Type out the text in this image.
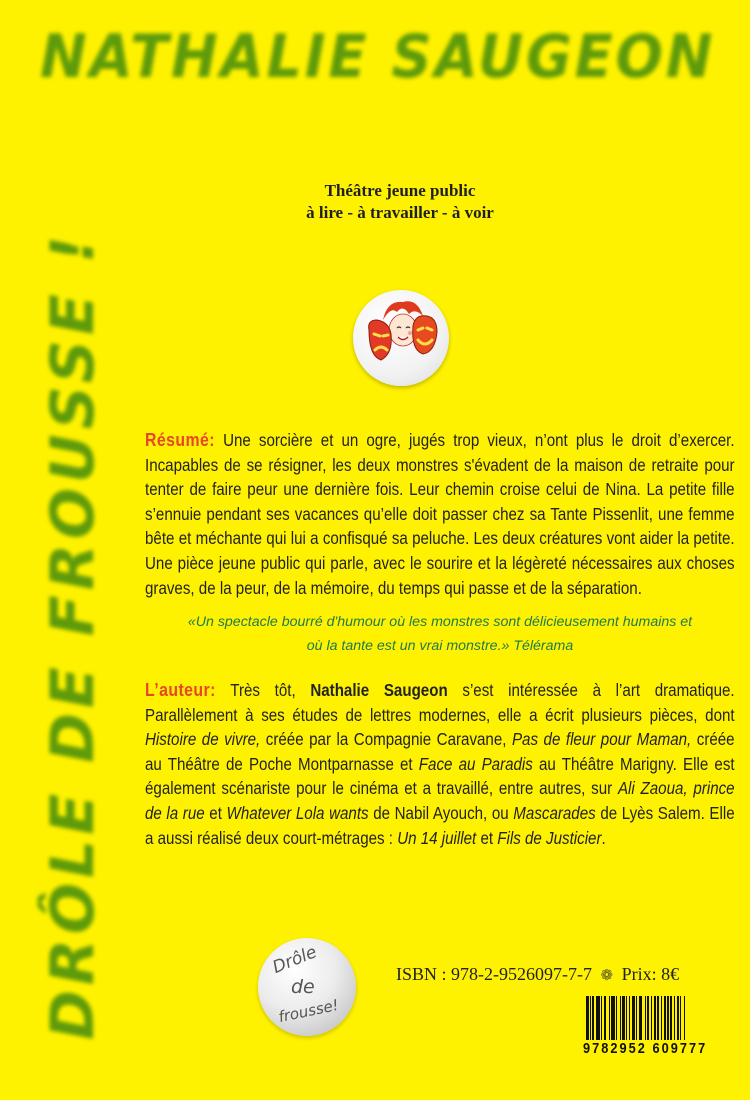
NATHALIE SAUGEON
DRÔLE DE FROUSSE !
Théâtre jeune public
à lire - à travailler - à voir
Résumé: Une sorcière et un ogre, jugés trop vieux, n’ont plus le droit d’exercer. Incapables de se résigner, les deux monstres s'évadent de la maison de retraite pour tenter de faire peur une dernière fois. Leur chemin croise celui de Nina. La petite fille s’ennuie pendant ses vacances qu’elle doit passer chez sa Tante Pissenlit, une femme bête et méchante qui lui a confisqué sa peluche. Les deux créatures vont aider la petite. Une pièce jeune public qui parle, avec le sourire et la légèreté nécessaires aux choses graves, de la peur, de la mémoire, du temps qui passe et de la séparation.
«Un spectacle bourré d'humour où les monstres sont délicieusement humains et
où la tante est un vrai monstre.» Télérama
L’auteur: Très tôt, Nathalie Saugeon s’est intéressée à l’art dramatique. Parallèlement à ses études de lettres modernes, elle a écrit plusieurs pièces, dont Histoire de vivre, créée par la Compagnie Caravane, Pas de fleur pour Maman, créée au Théâtre de Poche Montparnasse et Face au Paradis au Théâtre Marigny. Elle est également scénariste pour le cinéma et a travaillé, entre autres, sur Ali Zaoua, prince de la rue et Whatever Lola wants de Nabil Ayouch, ou Mascarades de Lyès Salem. Elle a aussi réalisé deux court-métrages : Un 14 juillet et Fils de Justicier.
Drôle
de
frousse!
ISBN : 978-2-9526097-7-7 ❁ Prix: 8€
9782952 609777
